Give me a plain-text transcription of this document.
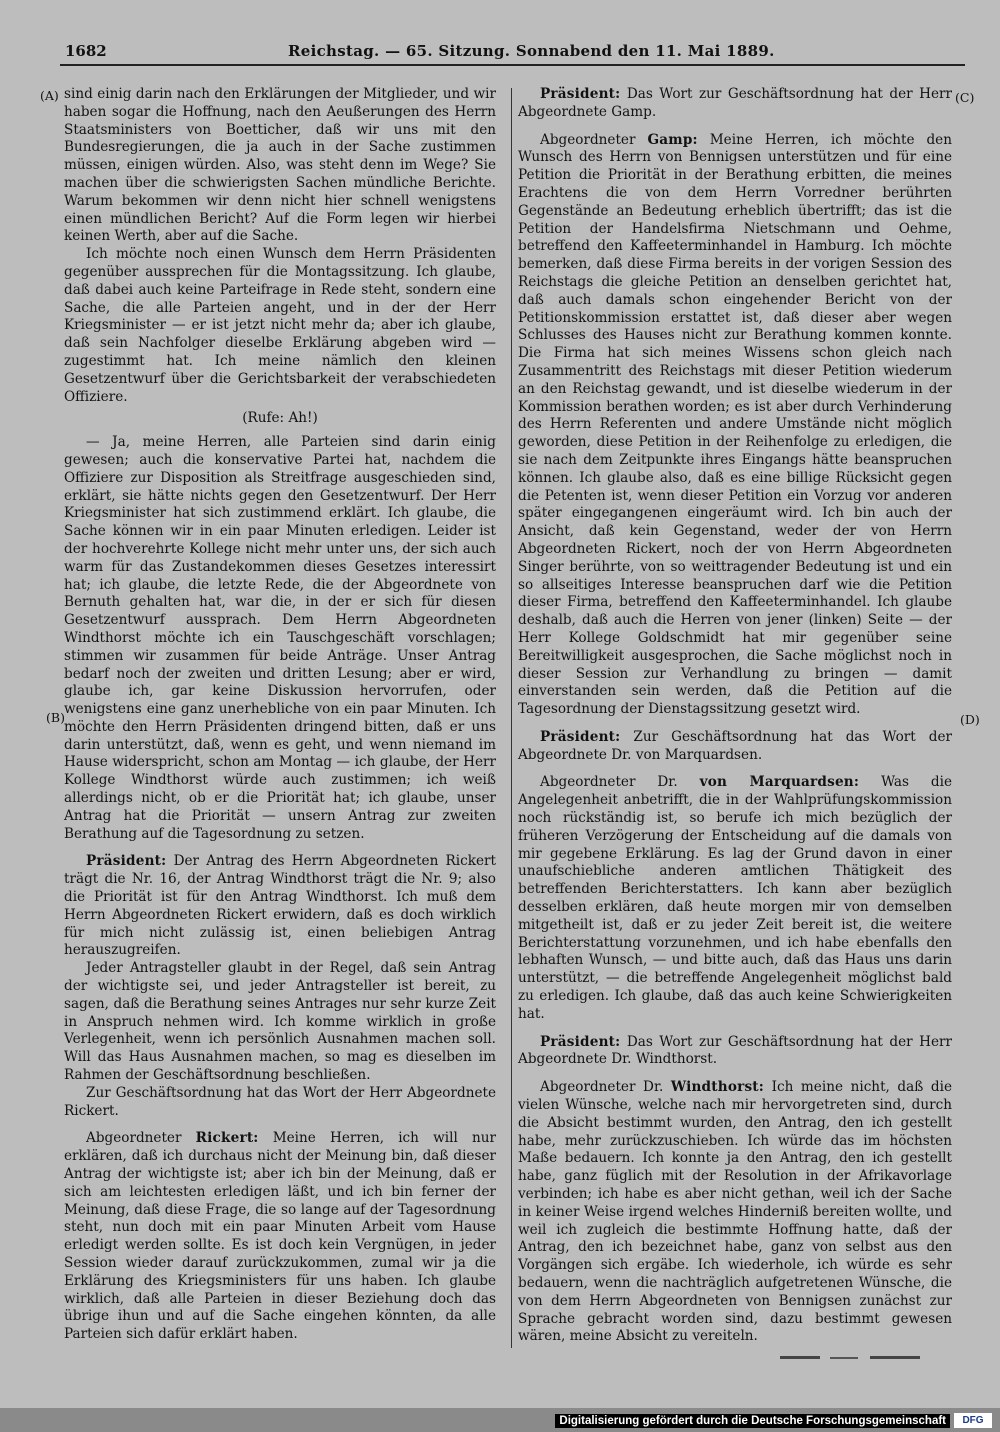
1682	Reichstag. — 65. Sitzung. Sonnabend den 11. Mai 1889.
(A)
(B)
(C)
(D)

sind einig darin nach den Erklärungen der Mitglieder, und wir haben sogar die Hoffnung, nach den Aeußerungen des Herrn Staatsministers von Boetticher, daß wir uns mit den Bundesregierungen, die ja auch in der Sache zustimmen müssen, einigen würden. Also, was steht denn im Wege? Sie machen über die schwierigsten Sachen mündliche Berichte. Warum bekommen wir denn nicht hier schnell wenigstens einen mündlichen Bericht? Auf die Form legen wir hierbei keinen Werth, aber auf die Sache.

Ich möchte noch einen Wunsch dem Herrn Präsidenten gegenüber aussprechen für die Montagssitzung. Ich glaube, daß dabei auch keine Parteifrage in Rede steht, sondern eine Sache, die alle Parteien angeht, und in der der Herr Kriegsminister — er ist jetzt nicht mehr da; aber ich glaube, daß sein Nachfolger dieselbe Erklärung abgeben wird — zugestimmt hat. Ich meine nämlich den kleinen Gesetzentwurf über die Gerichtsbarkeit der verabschiedeten Offiziere.

(Rufe: Ah!)

— Ja, meine Herren, alle Parteien sind darin einig gewesen; auch die konservative Partei hat, nachdem die Offiziere zur Disposition als Streitfrage ausgeschieden sind, erklärt, sie hätte nichts gegen den Gesetzentwurf. Der Herr Kriegsminister hat sich zustimmend erklärt. Ich glaube, die Sache können wir in ein paar Minuten erledigen. Leider ist der hochverehrte Kollege nicht mehr unter uns, der sich auch warm für das Zustandekommen dieses Gesetzes interessirt hat; ich glaube, die letzte Rede, die der Abgeordnete von Bernuth gehalten hat, war die, in der er sich für diesen Gesetzentwurf aussprach. Dem Herrn Abgeordneten Windthorst möchte ich ein Tauschgeschäft vorschlagen; stimmen wir zusammen für beide Anträge. Unser Antrag bedarf noch der zweiten und dritten Lesung; aber er wird, glaube ich, gar keine Diskussion hervorrufen, oder wenigstens eine ganz unerhebliche von ein paar Minuten. Ich möchte den Herrn Präsidenten dringend bitten, daß er uns darin unterstützt, daß, wenn es geht, und wenn niemand im Hause widerspricht, schon am Montag — ich glaube, der Herr Kollege Windthorst würde auch zustimmen; ich weiß allerdings nicht, ob er die Priorität hat; ich glaube, unser Antrag hat die Priorität — unsern Antrag zur zweiten Berathung auf die Tagesordnung zu setzen.

Präsident: Der Antrag des Herrn Abgeordneten Rickert trägt die Nr. 16, der Antrag Windthorst trägt die Nr. 9; also die Priorität ist für den Antrag Windthorst. Ich muß dem Herrn Abgeordneten Rickert erwidern, daß es doch wirklich für mich nicht zulässig ist, einen beliebigen Antrag herauszugreifen.

Jeder Antragsteller glaubt in der Regel, daß sein Antrag der wichtigste sei, und jeder Antragsteller ist bereit, zu sagen, daß die Berathung seines Antrages nur sehr kurze Zeit in Anspruch nehmen wird. Ich komme wirklich in große Verlegenheit, wenn ich persönlich Ausnahmen machen soll. Will das Haus Ausnahmen machen, so mag es dieselben im Rahmen der Geschäftsordnung beschließen.

Zur Geschäftsordnung hat das Wort der Herr Abgeordnete Rickert.

Abgeordneter Rickert: Meine Herren, ich will nur erklären, daß ich durchaus nicht der Meinung bin, daß dieser Antrag der wichtigste ist; aber ich bin der Meinung, daß er sich am leichtesten erledigen läßt, und ich bin ferner der Meinung, daß diese Frage, die so lange auf der Tagesordnung steht, nun doch mit ein paar Minuten Arbeit vom Hause erledigt werden sollte. Es ist doch kein Vergnügen, in jeder Session wieder darauf zurückzukommen, zumal wir ja die Erklärung des Kriegsministers für uns haben. Ich glaube wirklich, daß alle Parteien in dieser Beziehung doch das übrige ihun und auf die Sache eingehen könnten, da alle Parteien sich dafür erklärt haben.

Präsident: Das Wort zur Geschäftsordnung hat der Herr Abgeordnete Gamp.

Abgeordneter Gamp: Meine Herren, ich möchte den Wunsch des Herrn von Bennigsen unterstützen und für eine Petition die Priorität in der Berathung erbitten, die meines Erachtens die von dem Herrn Vorredner berührten Gegenstände an Bedeutung erheblich übertrifft; das ist die Petition der Handelsfirma Nietschmann und Oehme, betreffend den Kaffeeterminhandel in Hamburg. Ich möchte bemerken, daß diese Firma bereits in der vorigen Session des Reichstags die gleiche Petition an denselben gerichtet hat, daß auch damals schon eingehender Bericht von der Petitionskommission erstattet ist, daß dieser aber wegen Schlusses des Hauses nicht zur Berathung kommen konnte. Die Firma hat sich meines Wissens schon gleich nach Zusammentritt des Reichstags mit dieser Petition wiederum an den Reichstag gewandt, und ist dieselbe wiederum in der Kommission berathen worden; es ist aber durch Verhinderung des Herrn Referenten und andere Umstände nicht möglich geworden, diese Petition in der Reihenfolge zu erledigen, die sie nach dem Zeitpunkte ihres Eingangs hätte beanspruchen können. Ich glaube also, daß es eine billige Rücksicht gegen die Petenten ist, wenn dieser Petition ein Vorzug vor anderen später eingegangenen eingeräumt wird. Ich bin auch der Ansicht, daß kein Gegenstand, weder der von Herrn Abgeordneten Rickert, noch der von Herrn Abgeordneten Singer berührte, von so weittragender Bedeutung ist und ein so allseitiges Interesse beanspruchen darf wie die Petition dieser Firma, betreffend den Kaffeeterminhandel. Ich glaube deshalb, daß auch die Herren von jener (linken) Seite — der Herr Kollege Goldschmidt hat mir gegenüber seine Bereitwilligkeit ausgesprochen, die Sache möglichst noch in dieser Session zur Verhandlung zu bringen — damit einverstanden sein werden, daß die Petition auf die Tagesordnung der Dienstagssitzung gesetzt wird.

Präsident: Zur Geschäftsordnung hat das Wort der Abgeordnete Dr. von Marquardsen.

Abgeordneter Dr. von Marquardsen: Was die Angelegenheit anbetrifft, die in der Wahlprüfungskommission noch rückständig ist, so berufe ich mich bezüglich der früheren Verzögerung der Entscheidung auf die damals von mir gegebene Erklärung. Es lag der Grund davon in einer unaufschiebliche anderen amtlichen Thätigkeit des betreffenden Berichterstatters. Ich kann aber bezüglich desselben erklären, daß heute morgen mir von demselben mitgetheilt ist, daß er zu jeder Zeit bereit ist, die weitere Berichterstattung vorzunehmen, und ich habe ebenfalls den lebhaften Wunsch, — und bitte auch, daß das Haus uns darin unterstützt, — die betreffende Angelegenheit möglichst bald zu erledigen. Ich glaube, daß das auch keine Schwierigkeiten hat.

Präsident: Das Wort zur Geschäftsordnung hat der Herr Abgeordnete Dr. Windthorst.

Abgeordneter Dr. Windthorst: Ich meine nicht, daß die vielen Wünsche, welche nach mir hervorgetreten sind, durch die Absicht bestimmt wurden, den Antrag, den ich gestellt habe, mehr zurückzuschieben. Ich würde das im höchsten Maße bedauern. Ich konnte ja den Antrag, den ich gestellt habe, ganz füglich mit der Resolution in der Afrikavorlage verbinden; ich habe es aber nicht gethan, weil ich der Sache in keiner Weise irgend welches Hinderniß bereiten wollte, und weil ich zugleich die bestimmte Hoffnung hatte, daß der Antrag, den ich bezeichnet habe, ganz von selbst aus den Vorgängen sich ergäbe. Ich wiederhole, ich würde es sehr bedauern, wenn die nachträglich aufgetretenen Wünsche, die von dem Herrn Abgeordneten von Bennigsen zunächst zur Sprache gebracht worden sind, dazu bestimmt gewesen wären, meine Absicht zu vereiteln.

Digitalisierung gefördert durch die Deutsche Forschungsgemeinschaft	DFG
